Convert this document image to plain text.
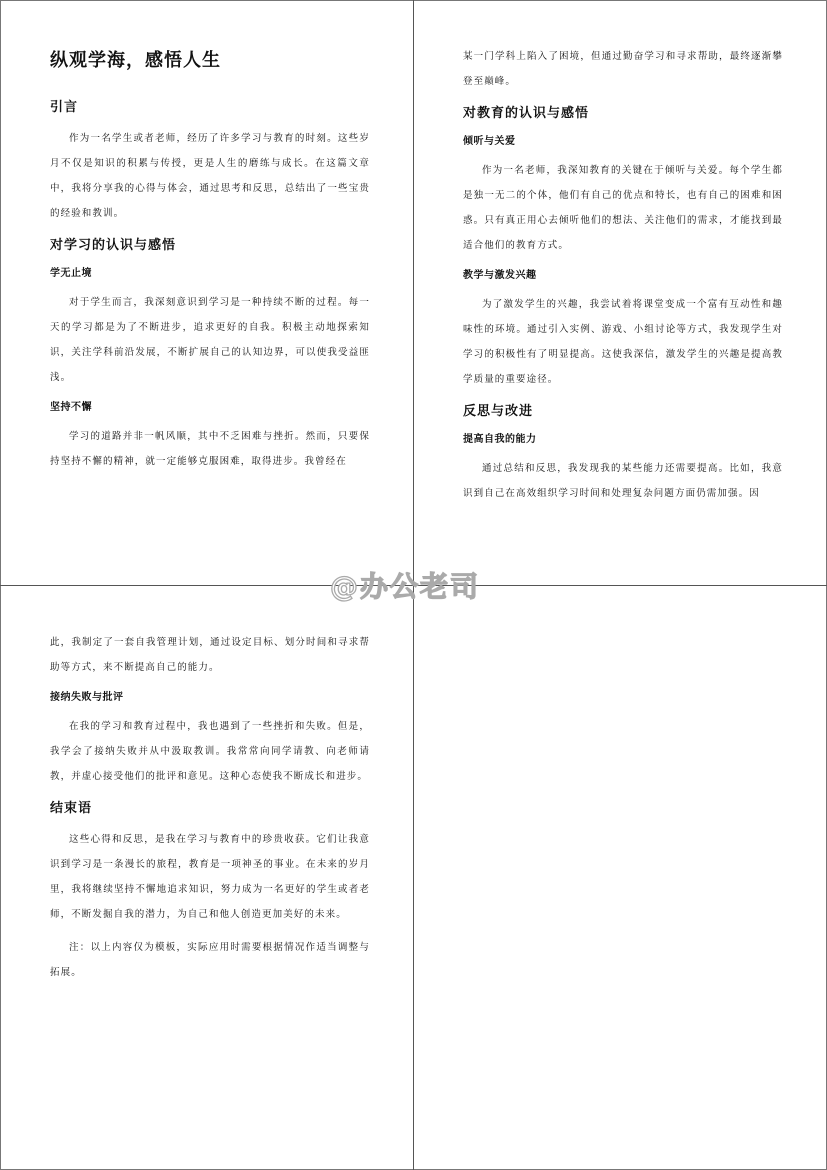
纵观学海，感悟人生
引言

作为一名学生或者老师，经历了许多学习与教育的时刻。这些岁月不仅是知识的积累与传授，更是人生的磨练与成长。在这篇文章中，我将分享我的心得与体会，通过思考和反思，总结出了一些宝贵的经验和教训。

对学习的认识与感悟
学无止境

对于学生而言，我深刻意识到学习是一种持续不断的过程。每一天的学习都是为了不断进步，追求更好的自我。积极主动地探索知识，关注学科前沿发展，不断扩展自己的认知边界，可以使我受益匪浅。

坚持不懈

学习的道路并非一帆风顺，其中不乏困难与挫折。然而，只要保持坚持不懈的精神，就一定能够克服困难，取得进步。我曾经在

某一门学科上陷入了困境，但通过勤奋学习和寻求帮助，最终逐渐攀登至巅峰。

对教育的认识与感悟
倾听与关爱

作为一名老师，我深知教育的关键在于倾听与关爱。每个学生都是独一无二的个体，他们有自己的优点和特长，也有自己的困难和困惑。只有真正用心去倾听他们的想法、关注他们的需求，才能找到最适合他们的教育方式。

教学与激发兴趣

为了激发学生的兴趣，我尝试着将课堂变成一个富有互动性和趣味性的环境。通过引入实例、游戏、小组讨论等方式，我发现学生对学习的积极性有了明显提高。这使我深信，激发学生的兴趣是提高教学质量的重要途径。

反思与改进
提高自我的能力

通过总结和反思，我发现我的某些能力还需要提高。比如，我意识到自己在高效组织学习时间和处理复杂问题方面仍需加强。因

此，我制定了一套自我管理计划，通过设定目标、划分时间和寻求帮助等方式，来不断提高自己的能力。

接纳失败与批评

在我的学习和教育过程中，我也遇到了一些挫折和失败。但是，我学会了接纳失败并从中汲取教训。我常常向同学请教、向老师请教，并虚心接受他们的批评和意见。这种心态使我不断成长和进步。

结束语

这些心得和反思，是我在学习与教育中的珍贵收获。它们让我意识到学习是一条漫长的旅程，教育是一项神圣的事业。在未来的岁月里，我将继续坚持不懈地追求知识，努力成为一名更好的学生或者老师，不断发掘自我的潜力，为自己和他人创造更加美好的未来。

注：以上内容仅为模板，实际应用时需要根据情况作适当调整与拓展。

@办公老司
